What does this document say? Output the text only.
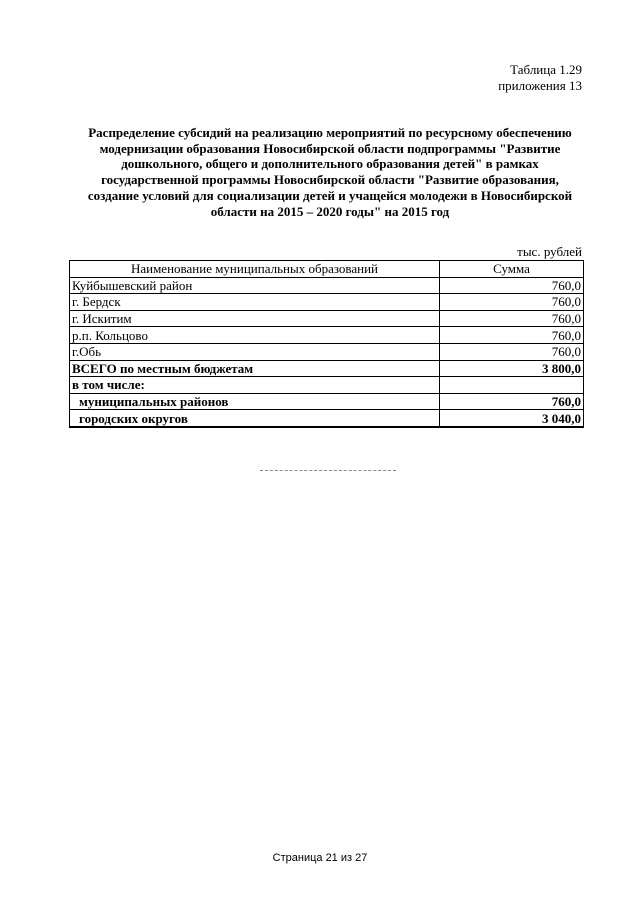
Таблица 1.29
приложения 13
Распределение субсидий на реализацию мероприятий по ресурсному обеспечению модернизации образования Новосибирской области подпрограммы "Развитие дошкольного, общего и дополнительного образования детей" в рамках государственной программы Новосибирской области "Развитие образования, создание условий для социализации детей и учащейся молодежи в Новосибирской области на 2015 – 2020 годы" на 2015 год
тыс. рублей
Наименование муниципальных образований	Сумма
Куйбышевский район	760,0
г. Бердск	760,0
г. Искитим	760,0
р.п. Кольцово	760,0
г.Обь	760,0
ВСЕГО по местным бюджетам	3 800,0
в том числе:	
муниципальных районов	760,0
городских округов	3 040,0
Страница 21 из 27
